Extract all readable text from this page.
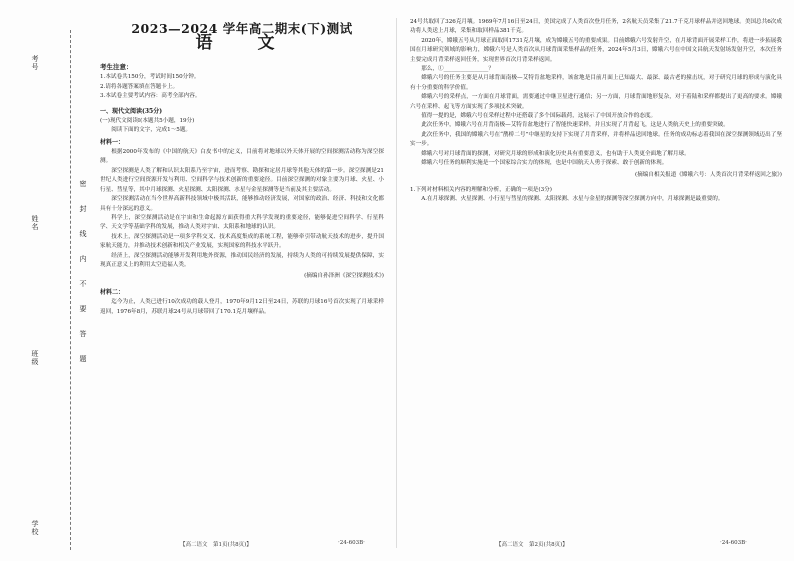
考号
姓名
班级
学校
密
封
线
内
不
要
答
题
2023—2024 学年高二期末(下)测试
语　文
考生注意：

1.本试卷共150分，考试时间150分钟。

2.请将各题答案填在答题卡上。

3.本试卷主要考试内容：高考全部内容。

一、现代文阅读(35分)

(一)现代文阅读Ⅰ(本题共5小题，19分)

阅读下面的文字，完成1～5题。

材料一：

根据2000年发布的《中国的航天》白皮书中的定义，目前将对地球以外天体开展的空间探测活动称为深空探测。

深空探测是人类了解和认识太阳系乃至宇宙，进而考察、勘探和定居月球等其他天体的第一步。深空探测是21世纪人类进行空间资源开发与利用、空间科学与技术创新的重要途径。目前深空探测的对象主要为月球、火星、小行星、彗星等，其中月球探测、火星探测、太阳探测、水星与金星探测等是当前及其主要活动。

深空探测活动在当今世界高新科技领域中极其活跃，能够推动经济发展，对国家的政治、经济、科技和文化都具有十分深远的意义。

科学上，深空探测活动是在宇宙和生命起源方面获得重大科学发现的重要途径，能够促进空间科学、行星科学、天文学等基础学科的发展，推动人类对宇宙、太阳系和地球的认识。

技术上，深空探测活动是一项多学科交叉、技术高度集成的系统工程，能够牵引带动航天技术的进步，提升国家航天能力，并推动技术创新和相关产业发展，实现国家的科技水平跃升。

经济上，深空探测活动能够开发利用地外资源，推动国民经济的发展，持续为人类的可持续发展提供保障，实现真正意义上的利用太空造福人类。

(摘编自孙泽洲《深空探测技术》)
材料二：

迄今为止，人类已进行10次成功的载人登月，1970年9月12日至24日，苏联的月球16号首次实现了月球采样返回，1976年8月，苏联月球24号从月球带回了170.1克月壤样品。

24号共取回了326克月壤。1969年7月16日至24日，美国完成了人类首次登月任务，2名航天员采集了21.7千克月球样品并送回地球。美国总共6次成功将人类送上月球，采集和取回样品381千克。

2020年，嫦娥五号从月球正面取回1731克月壤，成为嫦娥五号的重要成果。目前嫦娥六号发射升空，在月球背面开展采样工作，将进一步拓展我国在月球研究领域的影响力，嫦娥六号是人类首次从月球背面采集样品的任务，2024年5月3日，嫦娥六号在中国文昌航天发射场发射升空，本次任务主要完成月背采样返回任务，实现世界首次月背采样返回。

那么，①________________？

嫦娥六号的任务主要是从月球背面南极—艾特肯盆地采样，该盆地是目前月面上已知最大、最深、最古老的撞击坑，对于研究月球的形成与演化具有十分重要的科学价值。

嫦娥六号的采样点，一方面在月球背面，需要通过中继卫星进行通信；另一方面，月球背面地形复杂，对于着陆和采样都提出了更高的要求。嫦娥六号在采样、起飞等方面实现了多项技术突破。

值得一提的是，嫦娥六号在采样过程中还搭载了多个国际载荷，这展示了中国开放合作的态度。

此次任务中，嫦娥六号在月背南极—艾特肯盆地进行了智能快速采样，并且实现了月背起飞，这是人类航天史上的重要突破。

此次任务中，我国的嫦娥六号在“鹊桥二号”中继星的支持下实现了月背采样，并将样品送回地球。任务的成功标志着我国在深空探测领域迈出了坚实一步。

嫦娥六号对月球背面的探测，对研究月球的形成和演化历史具有重要意义，也有助于人类更全面地了解月球。

嫦娥六号任务的顺利实施是一个国家综合实力的体现，也是中国航天人勇于探索、敢于创新的体现。

(摘编自相关报道《嫦娥六号：人类首次月背采样返回之旅》)

1.下列对材料相关内容的理解和分析，正确的一项是(3分)

A.在月球探测、火星探测、小行星与彗星的探测、太阳探测、水星与金星的探测等深空探测方向中，月球探测是最重要的。

【高二语文　第1页(共8页)】	·24-603B·	【高二语文　第2页(共8页)】	·24-603B·
